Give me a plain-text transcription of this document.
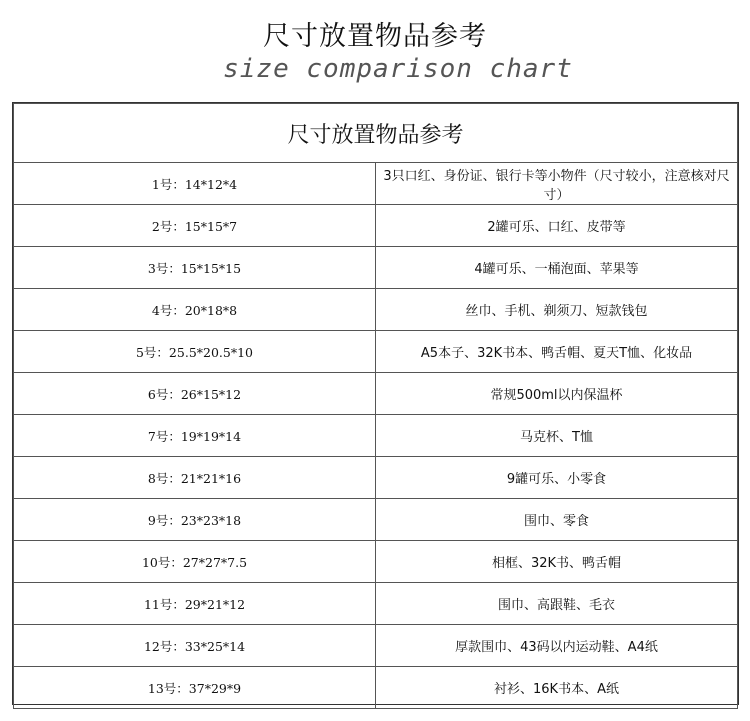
尺寸放置物品参考
size comparison chart
尺寸放置物品参考	
1号：14*12*4	3只口红、身份证、银行卡等小物件（尺寸较小，注意核对尺寸）
2号：15*15*7	2罐可乐、口红、皮带等
3号：15*15*15	4罐可乐、一桶泡面、苹果等
4号：20*18*8	丝巾、手机、剃须刀、短款钱包
5号：25.5*20.5*10	A5本子、32K书本、鸭舌帽、夏天T恤、化妆品
6号：26*15*12	常规500ml以内保温杯
7号：19*19*14	马克杯、T恤
8号：21*21*16	9罐可乐、小零食
9号：23*23*18	围巾、零食
10号：27*27*7.5	相框、32K书、鸭舌帽
11号：29*21*12	围巾、高跟鞋、毛衣
12号：33*25*14	厚款围巾、43码以内运动鞋、A4纸
13号：37*29*9	衬衫、16K书本、A纸
